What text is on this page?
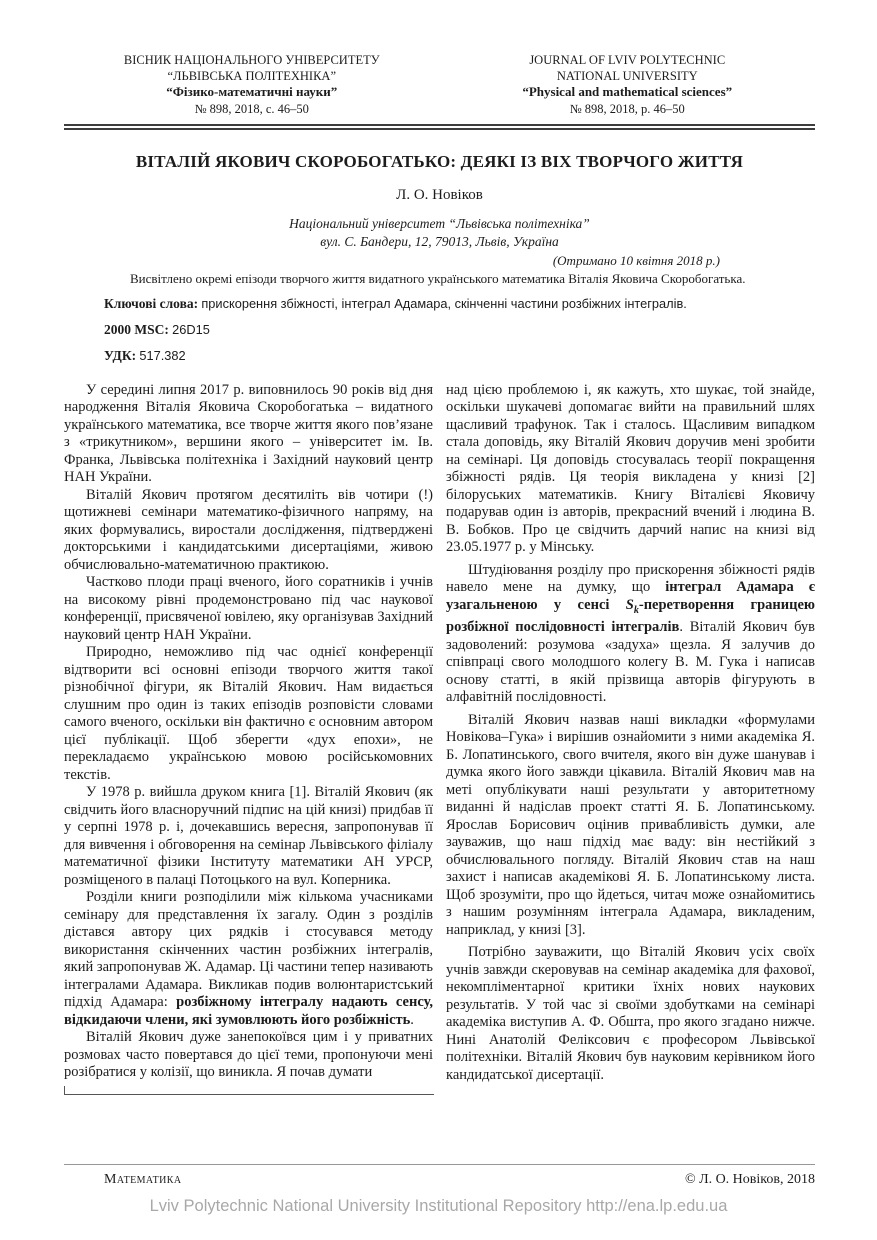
ВІСНИК НАЦІОНАЛЬНОГО УНІВЕРСИТЕТУ
“ЛЬВІВСЬКА ПОЛІТЕХНІКА”
“Фізико-математичні науки”
№ 898, 2018, с. 46–50
JOURNAL OF LVIV POLYTECHNIC
NATIONAL UNIVERSITY
“Physical and mathematical sciences”
№ 898, 2018, p. 46–50
ВІТАЛІЙ ЯКОВИЧ СКОРОБОГАТЬКО: ДЕЯКІ ІЗ ВІХ ТВОРЧОГО ЖИТТЯ
Л. О. Новіков
Національний університет “Львівська політехніка”
вул. С. Бандери, 12, 79013, Львів, Україна
(Отримано 10 квітня 2018 р.)

Висвітлено окремі епізоди творчого життя видатного українського математика Віталія Яковича Скоробогатька.

Ключові слова: прискорення збіжності, інтеграл Адамара, скінченні частини розбіжних інтегралів.

2000 MSC: 26D15

УДК: 517.382

У середині липня 2017 р. виповнилось 90 років від дня народження Віталія Яковича Скоробогатька – видатного українського математика, все творче життя якого пов’язане з «трикутником», вершини якого – університет ім. Ів. Франка, Львівська політехніка і Західний науковий центр НАН України.

Віталій Якович протягом десятиліть вів чотири (!) щотижневі семінари математико-фізичного напряму, на яких формувались, виростали дослідження, підтверджені докторськими і кандидатськими дисертаціями, живою обчислювально-математичною практикою.

Частково плоди праці вченого, його соратників і учнів на високому рівні продемонстровано під час наукової конференції, присвяченої ювілею, яку організував Західний науковий центр НАН України.

Природно, неможливо під час однієї конференції відтворити всі основні епізоди творчого життя такої різнобічної фігури, як Віталій Якович. Нам видається слушним про один із таких епізодів розповісти словами самого вченого, оскільки він фактично є основним автором цієї публікації. Щоб зберегти «дух епохи», не перекладаємо українською мовою російськомовних текстів.

У 1978 р. вийшла друком книга [1]. Віталій Якович (як свідчить його власноручний підпис на цій книзі) придбав її у серпні 1978 р. і, дочекавшись вересня, запропонував її для вивчення і обговорення на семінар Львівського філіалу математичної фізики Інституту математики АН УРСР, розміщеного в палаці Потоцького на вул. Коперника.

Розділи книги розподілили між кількома учасниками семінару для представлення їх загалу. Один з розділів дістався автору цих рядків і стосувався методу використання скінченних частин розбіжних інтегралів, який запропонував Ж. Адамар. Ці частини тепер називають інтегралами Адамара. Викликав подив волюнтаристський підхід Адамара: розбіжному інтегралу надають сенсу, відкидаючи члени, які зумовлюють його розбіжність.

Віталій Якович дуже занепокоївся цим і у приватних розмовах часто повертався до цієї теми, пропонуючи мені розібратися у колізії, що виникла. Я почав думати

над цією проблемою і, як кажуть, хто шукає, той знайде, оскільки шукачеві допомагає вийти на правильний шлях щасливий трафунок. Так і сталось. Щасливим випадком стала доповідь, яку Віталій Якович доручив мені зробити на семінарі. Ця доповідь стосувалась теорії покращення збіжності рядів. Ця теорія викладена у книзі [2] білоруських математиків. Книгу Віталієві Яковичу подарував один із авторів, прекрасний вчений і людина В. В. Бобков. Про це свідчить дарчий напис на книзі від 23.05.1977 р. у Мінську.

Штудіювання розділу про прискорення збіжності рядів навело мене на думку, що інтеграл Адамара є узагальненою у сенсі $S_k$-перетворення границею розбіжної послідовності інтегралів. Віталій Якович був задоволений: розумова «задуха» щезла. Я залучив до співпраці свого молодшого колегу В. М. Гука і написав основу статті, в якій прізвища авторів фігурують в алфавітній послідовності.

Віталій Якович назвав наші викладки «формулами Новікова–Гука» і вирішив ознайомити з ними академіка Я. Б. Лопатинського, свого вчителя, якого він дуже шанував і думка якого його завжди цікавила. Віталій Якович мав на меті опублікувати наші результати у авторитетному виданні й надіслав проект статті Я. Б. Лопатинському. Ярослав Борисович оцінив привабливість думки, але зауважив, що наш підхід має ваду: він нестійкий з обчислювального погляду. Віталій Якович став на наш захист і написав академікові Я. Б. Лопатинському листа. Щоб зрозуміти, про що йдеться, читач може ознайомитись з нашим розумінням інтеграла Адамара, викладеним, наприклад, у книзі [3].

Потрібно зауважити, що Віталій Якович усіх своїх учнів завжди скеровував на семінар академіка для фахової, некомпліментарної критики їхніх нових наукових результатів. У той час зі своїми здобутками на семінарі академіка виступив А. Ф. Обшта, про якого згадано нижче. Нині Анатолій Феліксович є професором Львівської політехніки. Віталій Якович був науковим керівником його кандидатської дисертації.

Математика	© Л. О. Новіков, 2018
Lviv Polytechnic National University Institutional Repository http://ena.lp.edu.ua
